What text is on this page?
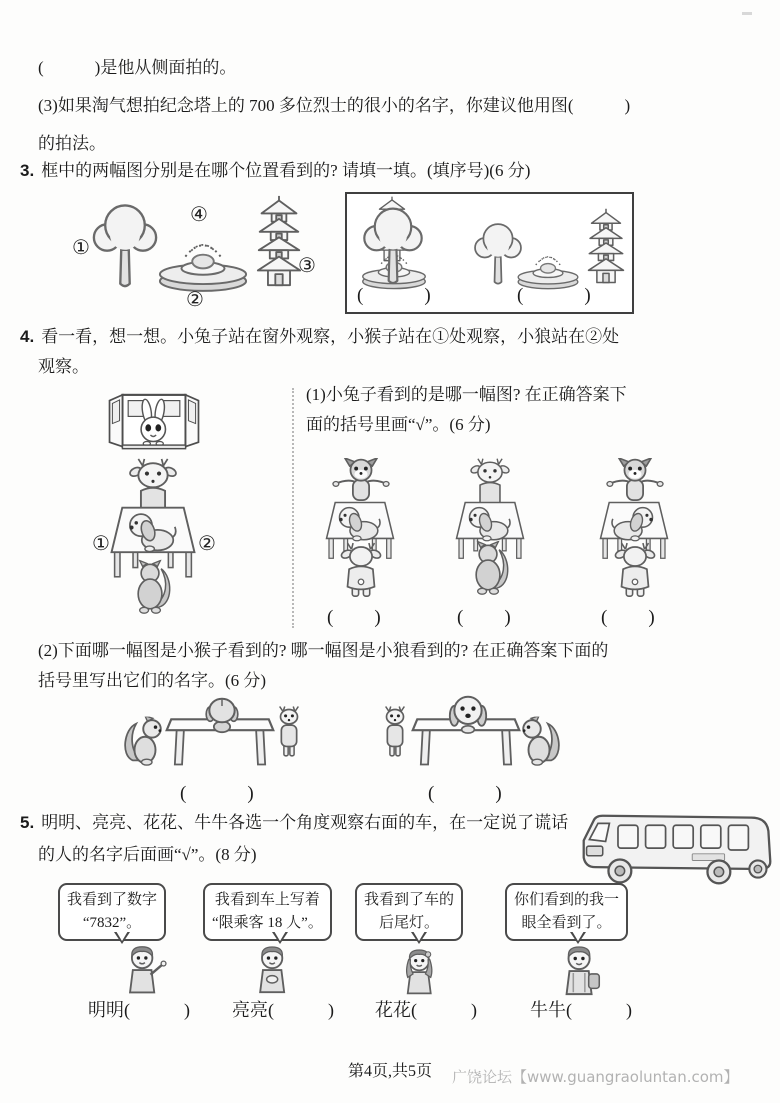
(　　　)是他从侧面拍的。
(3)如果淘气想拍纪念塔上的 700 多位烈士的很小的名字，你建议他用图(　　　)
的拍法。
3. 框中的两幅图分别是在哪个位置看到的? 请填一填。(填序号)(6 分)
①
④
②
③
(　　　)	(　　　)
4. 看一看，想一想。小兔子站在窗外观察，小猴子站在①处观察，小狼站在②处
观察。
①	②
(1)小兔子看到的是哪一幅图? 在正确答案下
面的括号里画“√”。(6 分)
(　　)	(　　)	(　　)
(2)下面哪一幅图是小猴子看到的? 哪一幅图是小狼看到的? 在正确答案下面的
括号里写出它们的名字。(6 分)
(　　　)	(　　　)
5. 明明、亮亮、花花、牛牛各选一个角度观察右面的车，在一定说了谎话
的人的名字后面画“√”。(8 分)
我看到了数字
“7832”。
我看到车上写着
“限乘客 18 人”。
我看到了车的
后尾灯。
你们看到的我一
眼全看到了。
明明(　　　) 亮亮(　　　) 花花(　　　)	牛牛(　　　)
第4页,共5页	广饶论坛【www.guangraoluntan.com】
